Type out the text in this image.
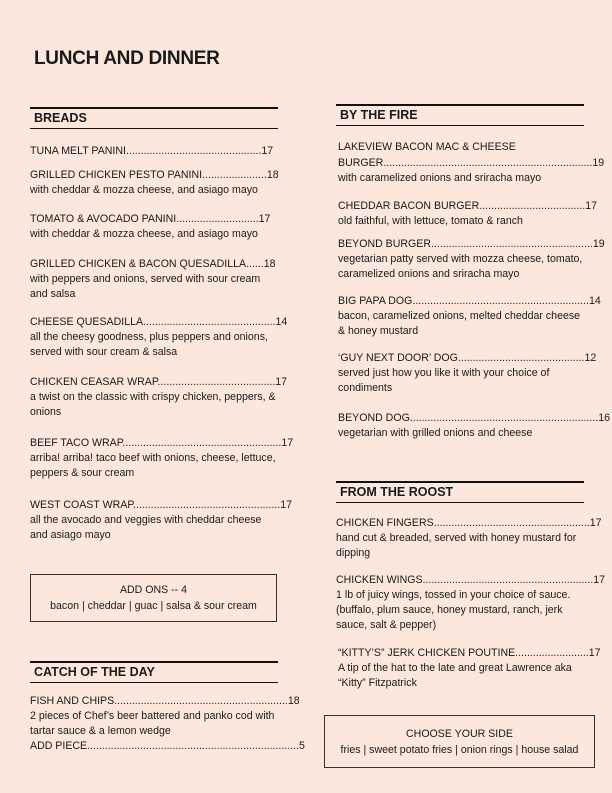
LUNCH AND DINNER
BREADS
TUNA MELT PANINI..............................................17
GRILLED CHICKEN PESTO PANINI......................18
with cheddar & mozza cheese, and asiago mayo
TOMATO & AVOCADO PANINI............................17
with cheddar & mozza cheese, and asiago mayo
GRILLED CHICKEN & BACON QUESADILLA......18
with peppers and onions, served with sour cream and salsa
CHEESE QUESADILLA.............................................14
all the cheesy goodness, plus peppers and onions, served with sour cream & salsa
CHICKEN CEASAR WRAP........................................17
a twist on the classic with crispy chicken, peppers, & onions
BEEF TACO WRAP......................................................17
arriba! arriba! taco beef with onions, cheese, lettuce, peppers & sour cream
WEST COAST WRAP..................................................17
all the avocado and veggies with cheddar cheese and asiago mayo
ADD ONS -- 4
bacon | cheddar | guac | salsa & sour cream
CATCH OF THE DAY
FISH AND CHIPS...........................................................18
2 pieces of Chef’s beer battered and panko cod with tartar sauce & a lemon wedge
ADD PIECE........................................................................5
BY THE FIRE
LAKEVIEW BACON MAC & CHEESE
BURGER.......................................................................19
with caramelized onions and sriracha mayo
CHEDDAR BACON BURGER....................................17
old faithful, with lettuce, tomato & ranch
BEYOND BURGER.......................................................19
vegetarian patty served with mozza cheese, tomato, caramelized onions and sriracha mayo
BIG PAPA DOG............................................................14
bacon, caramelized onions, melted cheddar cheese & honey mustard
‘GUY NEXT DOOR’ DOG...........................................12
served just how you like it with your choice of condiments
BEYOND DOG................................................................16
vegetarian with grilled onions and cheese
FROM THE ROOST
CHICKEN FINGERS.....................................................17
hand cut & breaded, served with honey mustard for dipping
CHICKEN WINGS..........................................................17
1 lb of juicy wings, tossed in your choice of sauce. (buffalo, plum sauce, honey mustard, ranch, jerk sauce, salt & pepper)
“KITTY’S” JERK CHICKEN POUTINE.........................17
A tip of the hat to the late and great Lawrence aka “Kitty” Fitzpatrick
CHOOSE YOUR SIDE
fries | sweet potato fries | onion rings | house salad
